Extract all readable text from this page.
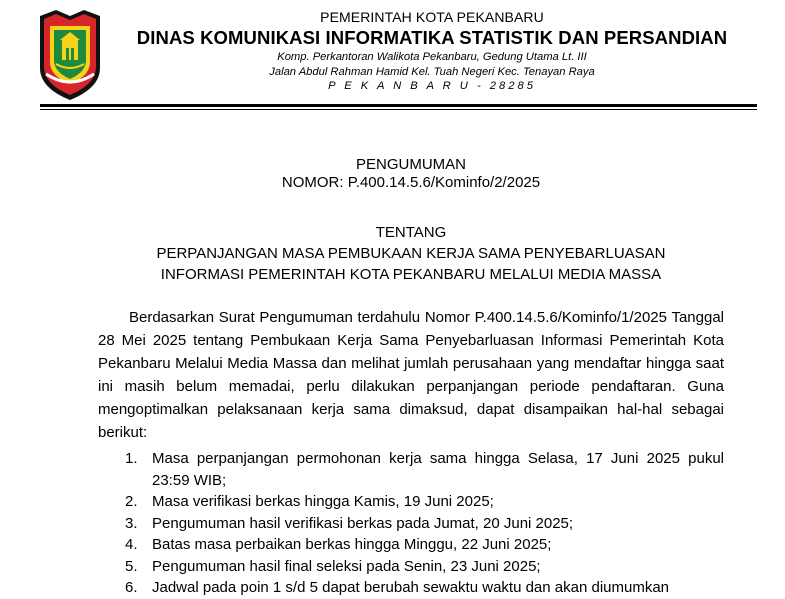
PEMERINTAH KOTA PEKANBARU
DINAS KOMUNIKASI INFORMATIKA STATISTIK DAN PERSANDIAN
Komp. Perkantoran Walikota Pekanbaru, Gedung Utama Lt. III
Jalan Abdul Rahman Hamid Kel. Tuah Negeri Kec. Tenayan Raya
P E K A N B A R U - 28285
PENGUMUMAN
NOMOR: P.400.14.5.6/Kominfo/2/2025
TENTANG
PERPANJANGAN MASA PEMBUKAAN KERJA SAMA PENYEBARLUASAN
INFORMASI PEMERINTAH KOTA PEKANBARU MELALUI MEDIA MASSA
Berdasarkan Surat Pengumuman terdahulu Nomor P.400.14.5.6/Kominfo/1/2025 Tanggal 28 Mei 2025 tentang Pembukaan Kerja Sama Penyebarluasan Informasi Pemerintah Kota Pekanbaru Melalui Media Massa dan melihat jumlah perusahaan yang mendaftar hingga saat ini masih belum memadai, perlu dilakukan perpanjangan periode pendaftaran. Guna mengoptimalkan pelaksanaan kerja sama dimaksud, dapat disampaikan hal-hal sebagai berikut:
1. Masa perpanjangan permohonan kerja sama hingga Selasa, 17 Juni 2025 pukul 23:59 WIB;
2. Masa verifikasi berkas hingga Kamis, 19 Juni 2025;
3. Pengumuman hasil verifikasi berkas pada Jumat, 20 Juni 2025;
4. Batas masa perbaikan berkas hingga Minggu, 22 Juni 2025;
5. Pengumuman hasil final seleksi pada Senin, 23 Juni 2025;
6. Jadwal pada poin 1 s/d 5 dapat berubah sewaktu waktu dan akan diumumkan
